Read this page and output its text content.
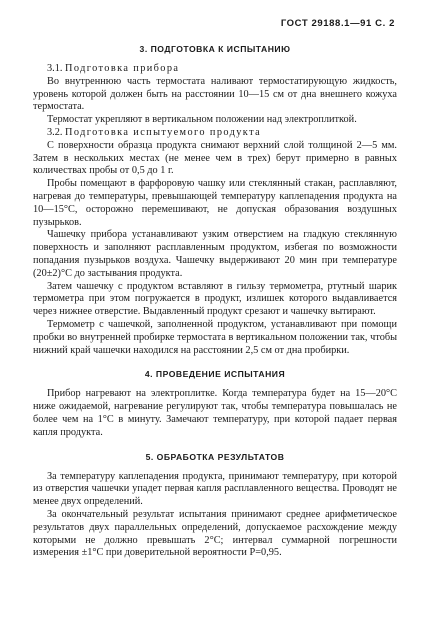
ГОСТ 29188.1—91 С. 2
3. ПОДГОТОВКА К ИСПЫТАНИЮ

3.1. Подготовка прибора

Во внутреннюю часть термостата наливают термостатирующую жидкость, уровень которой должен быть на расстоянии 10—15 см от дна внешнего кожуха термостата.

Термостат укрепляют в вертикальном положении над электроплиткой.

3.2. Подготовка испытуемого продукта

С поверхности образца продукта снимают верхний слой толщиной 2—5 мм. Затем в нескольких местах (не менее чем в трех) берут примерно в равных количествах пробы от 0,5 до 1 г.

Пробы помещают в фарфоровую чашку или стеклянный стакан, расплавляют, нагревая до температуры, превышающей температуру каплепадения продукта на 10—15°С, осторожно перемешивают, не допуская образования воздушных пузырьков.

Чашечку прибора устанавливают узким отверстием на гладкую стеклянную поверхность и заполняют расплавленным продуктом, избегая по возможности попадания пузырьков воздуха. Чашечку выдерживают 20 мин при температуре (20±2)°С до застывания продукта.

Затем чашечку с продуктом вставляют в гильзу термометра, ртутный шарик термометра при этом погружается в продукт, излишек которого выдавливается через нижнее отверстие. Выдавленный продукт срезают и чашечку вытирают.

Термометр с чашечкой, заполненной продуктом, устанавливают при помощи пробки во внутренней пробирке термостата в вертикальном положении так, чтобы нижний край чашечки находился на расстоянии 2,5 см от дна пробирки.

4. ПРОВЕДЕНИЕ ИСПЫТАНИЯ

Прибор нагревают на электроплитке. Когда температура будет на 15—20°С ниже ожидаемой, нагревание регулируют так, чтобы температура повышалась не более чем на 1°С в минуту. Замечают температуру, при которой падает первая капля продукта.

5. ОБРАБОТКА РЕЗУЛЬТАТОВ

За температуру каплепадения продукта, принимают температуру, при которой из отверстия чашечки упадет первая капля расплавленного вещества. Проводят не менее двух определений.

За окончательный результат испытания принимают среднее арифметическое результатов двух параллельных определений, допускаемое расхождение между которыми не должно превышать 2°С; интервал суммарной погрешности измерения ±1°С при доверительной вероятности P=0,95.
